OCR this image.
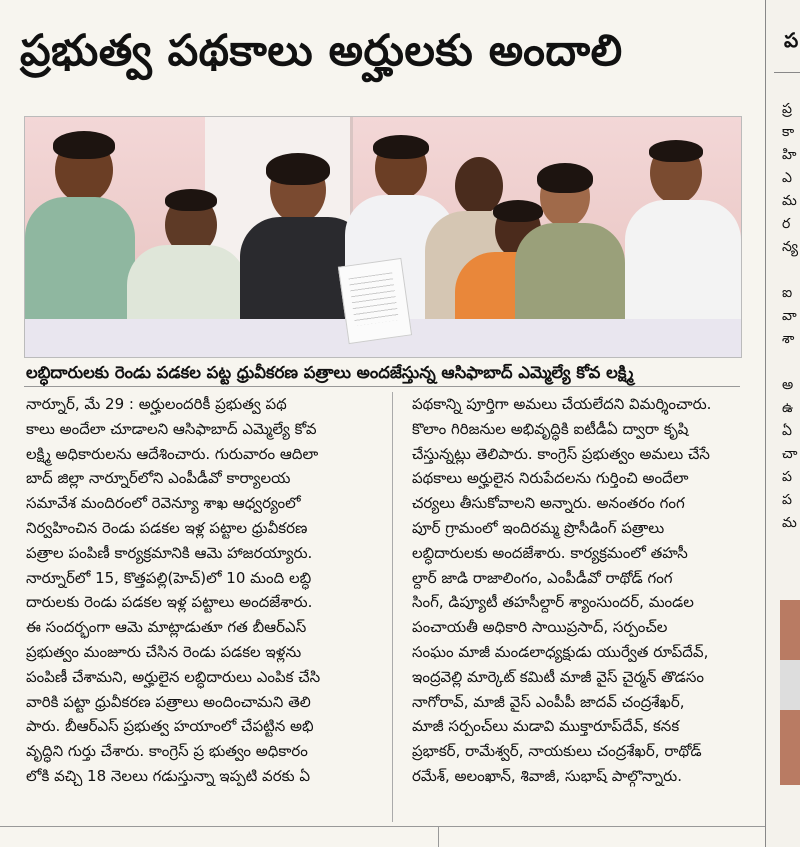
ప్రభుత్వ పథకాలు అర్హులకు అందాలి
లబ్ధిదారులకు రెండు పడకల పట్ట ధ్రువీకరణ పత్రాలు అందజేస్తున్న ఆసిఫాబాద్ ఎమ్మెల్యే కోవ లక్ష్మి

నార్నూర్, మే 29 : అర్హులందరికీ ప్రభుత్వ పథ

కాలు అందేలా చూడాలని ఆసిఫాబాద్ ఎమ్మెల్యే కోవ

లక్ష్మి అధికారులను ఆదేశించారు. గురువారం ఆదిలా

బాద్ జిల్లా నార్నూర్‌లోని ఎంపీడీవో కార్యాలయ

సమావేశ మందిరంలో రెవెన్యూ శాఖ ఆధ్వర్యంలో

నిర్వహించిన రెండు పడకల ఇళ్ల పట్టాల ధ్రువీకరణ

పత్రాల పంపిణీ కార్యక్రమానికి ఆమె హాజరయ్యారు.

నార్నూర్‌లో 15, కొత్తపల్లి(హెచ్)లో 10 మంది లబ్ధి

దారులకు రెండు పడకల ఇళ్ల పట్టాలు అందజేశారు.

ఈ సందర్భంగా ఆమె మాట్లాడుతూ గత బీఆర్ఎస్

ప్రభుత్వం మంజూరు చేసిన రెండు పడకల ఇళ్లను

పంపిణీ చేశామని, అర్హులైన లబ్ధిదారులు ఎంపిక చేసి

వారికి పట్టా ధ్రువీకరణ పత్రాలు అందించామని తెలి

పారు. బీఆర్ఎస్ ప్రభుత్వ హయాంలో చేపట్టిన అభి

వృద్ధిని గుర్తు చేశారు. కాంగ్రెస్ ప్ర భుత్వం అధికారం

లోకి వచ్చి 18 నెలలు గడుస్తున్నా ఇప్పటి వరకు ఏ

పథకాన్ని పూర్తిగా అమలు చేయలేదని విమర్శించారు.

కొలాం గిరిజనుల అభివృద్ధికి ఐటీడీఏ ద్వారా కృషి

చేస్తున్నట్లు తెలిపారు. కాంగ్రెస్ ప్రభుత్వం అమలు చేసే

పథకాలు అర్హులైన నిరుపేదలను గుర్తించి అందేలా

చర్యలు తీసుకోవాలని అన్నారు. అనంతరం గంగ

పూర్ గ్రామంలో ఇందిరమ్మ ప్రొసీడింగ్ పత్రాలు

లబ్ధిదారులకు అందజేశారు. కార్యక్రమంలో తహసీ

ల్దార్ జాడి రాజాలింగం, ఎంపీడీవో రాథోడ్ గంగ

సింగ్, డిప్యూటీ తహసీల్దార్ శ్యాంసుందర్, మండల

పంచాయతీ అధికారి సాయిప్రసాద్, సర్పంచ్‌ల

సంఘం మాజీ మండలాధ్యక్షుడు యుర్వేత రూప్‌దేవ్,

ఇంద్రవెల్లి మార్కెట్ కమిటీ మాజీ వైస్ చైర్మన్ తొడసం

నాగోరావ్, మాజీ వైస్ ఎంపీపీ జాదవ్ చంద్రశేఖర్,

మాజీ సర్పంచ్‌లు మడావి ముక్తారూప్‌దేవ్, కనక

ప్రభాకర్, రామేశ్వర్, నాయకులు చంద్రశేఖర్, రాథోడ్

రమేశ్, అలంఖాన్, శివాజీ, సుభాష్ పాల్గొన్నారు.

ప
ప్ర
కా
హి
ఎ
మ
ర
న్య
ఐ
వా
శా
అ
ఉ
ఏ
చా
ప
ప
మ
